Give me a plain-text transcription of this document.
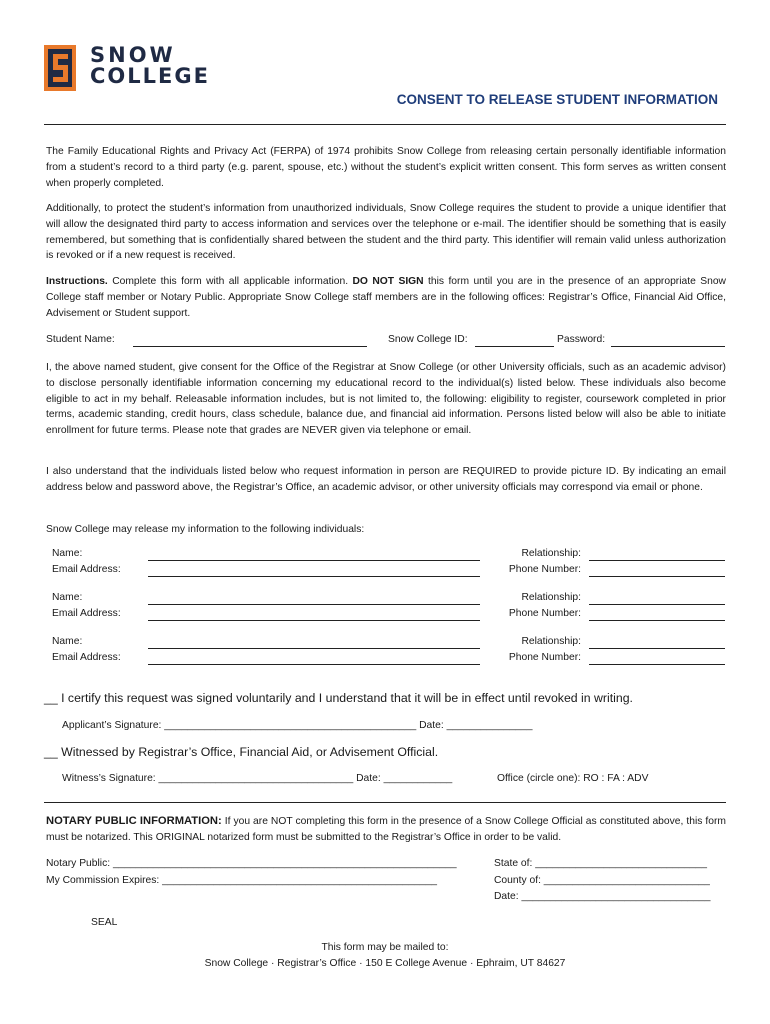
SNOW
COLLEGE
CONSENT TO RELEASE STUDENT INFORMATION
The Family Educational Rights and Privacy Act (FERPA) of 1974 prohibits Snow College from releasing certain personally identifiable information from a student’s record to a third party (e.g. parent, spouse, etc.) without the student’s explicit written consent. This form serves as written consent when properly completed.
Additionally, to protect the student’s information from unauthorized individuals, Snow College requires the student to provide a unique identifier that will allow the designated third party to access information and services over the telephone or e-mail. The identifier should be something that is easily remembered, but something that is confidentially shared between the student and the third party. This identifier will remain valid unless authorization is revoked or if a new request is received.
Instructions. Complete this form with all applicable information. DO NOT SIGN this form until you are in the presence of an appropriate Snow College staff member or Notary Public. Appropriate Snow College staff members are in the following offices: Registrar’s Office, Financial Aid Office, Advisement or Student support.
Student Name:	Snow College ID:	Password:
I, the above named student, give consent for the Office of the Registrar at Snow College (or other University officials, such as an academic advisor) to disclose personally identifiable information concerning my educational record to the individual(s) listed below. These individuals also become eligible to act in my behalf. Releasable information includes, but is not limited to, the following: eligibility to register, coursework completed in prior terms, academic standing, credit hours, class schedule, balance due, and financial aid information. Persons listed below will also be able to initiate enrollment for future terms. Please note that grades are NEVER given via telephone or email.
I also understand that the individuals listed below who request information in person are REQUIRED to provide picture ID. By indicating an email address below and password above, the Registrar’s Office, an academic advisor, or other university officials may correspond via email or phone.
Snow College may release my information to the following individuals:
Name:	Relationship:
Email Address:	Phone Number:
Name:	Relationship:
Email Address:	Phone Number:
Name:	Relationship:
Email Address:	Phone Number:
__ I certify this request was signed voluntarily and I understand that it will be in effect until revoked in writing.
Applicant’s Signature: ____________________________________________ Date: _______________
__ Witnessed by Registrar’s Office, Financial Aid, or Advisement Official.
Witness’s Signature: __________________________________ Date: ____________	Office (circle one): RO : FA : ADV
NOTARY PUBLIC INFORMATION: If you are NOT completing this form in the presence of a Snow College Official as constituted above, this form must be notarized. This ORIGINAL notarized form must be submitted to the Registrar’s Office in order to be valid.
Notary Public: ____________________________________________________________
My Commission Expires: ________________________________________________
State of: ______________________________
County of: _____________________________
Date: _________________________________
SEAL
This form may be mailed to:
Snow College · Registrar’s Office · 150 E College Avenue · Ephraim, UT 84627
